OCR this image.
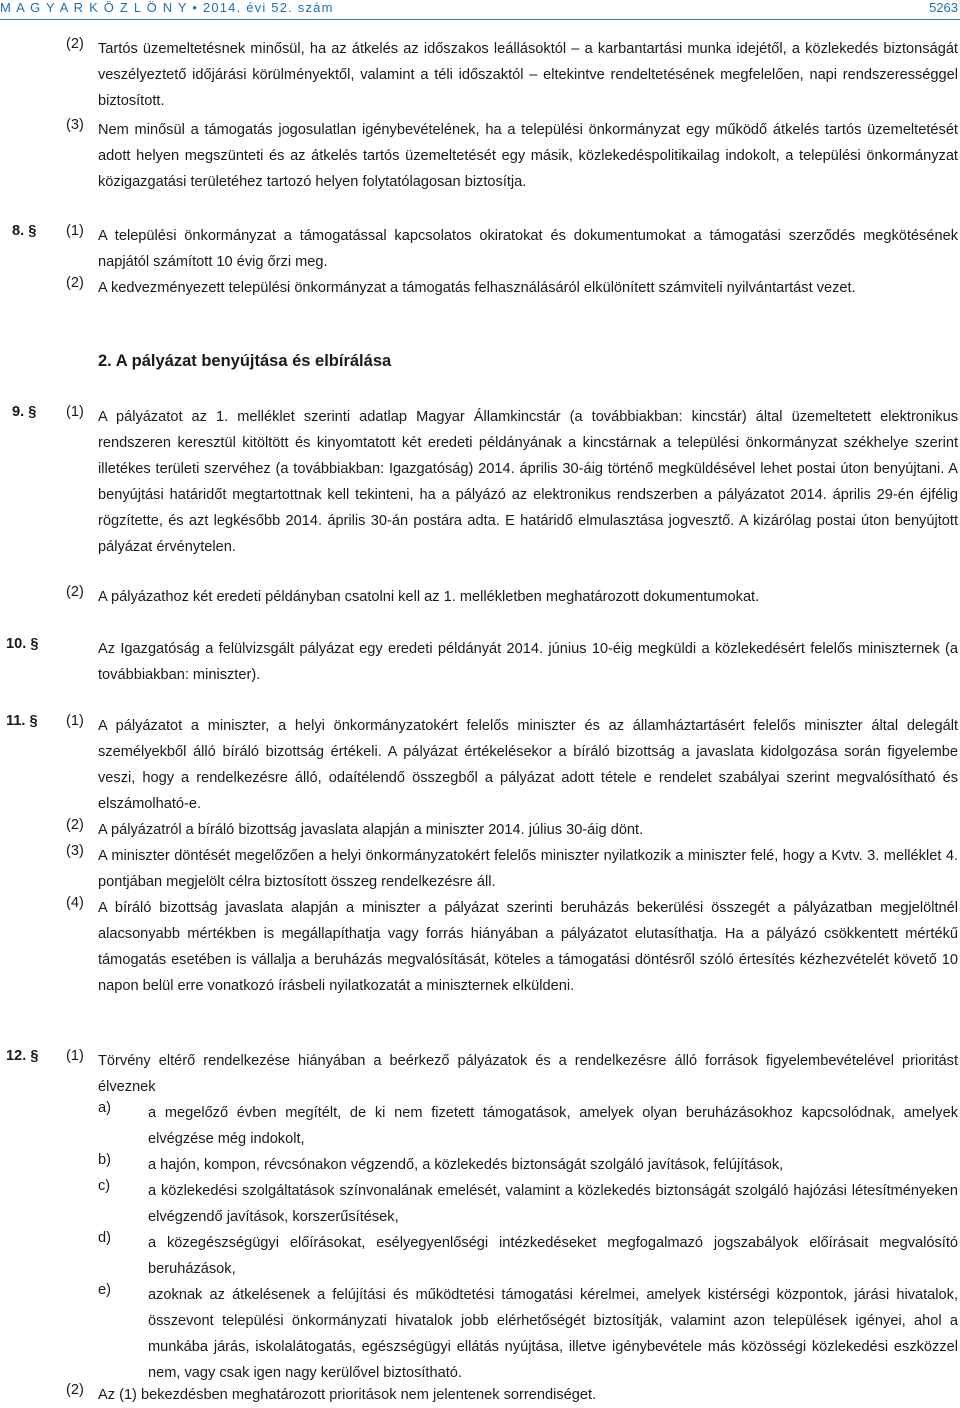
M A G Y A R K Ö Z L Ö N Y • 2014. évi 52. szám	5263
(2) Tartós üzemeltetésnek minősül, ha az átkelés az időszakos leállásoktól – a karbantartási munka idejétől, a közlekedés biztonságát veszélyeztető időjárási körülményektől, valamint a téli időszaktól – eltekintve rendeltetésének megfelelően, napi rendszerességgel biztosított.
(3) Nem minősül a támogatás jogosulatlan igénybevételének, ha a települési önkormányzat egy működő átkelés tartós üzemeltetését adott helyen megszünteti és az átkelés tartós üzemeltetését egy másik, közlekedéspolitikailag indokolt, a települési önkormányzat közigazgatási területéhez tartozó helyen folytatólagosan biztosítja.
8. § (1) A települési önkormányzat a támogatással kapcsolatos okiratokat és dokumentumokat a támogatási szerződés megkötésének napjától számított 10 évig őrzi meg.
(2) A kedvezményezett települési önkormányzat a támogatás felhasználásáról elkülönített számviteli nyilvántartást vezet.
2. A pályázat benyújtása és elbírálása
9. § (1) A pályázatot az 1. melléklet szerinti adatlap Magyar Államkincstár (a továbbiakban: kincstár) által üzemeltetett elektronikus rendszeren keresztül kitöltött és kinyomtatott két eredeti példányának a kincstárnak a települési önkormányzat székhelye szerint illetékes területi szervéhez (a továbbiakban: Igazgatóság) 2014. április 30-áig történő megküldésével lehet postai úton benyújtani. A benyújtási határidőt megtartottnak kell tekinteni, ha a pályázó az elektronikus rendszerben a pályázatot 2014. április 29-én éjfélig rögzítette, és azt legkésőbb 2014. április 30-án postára adta. E határidő elmulasztása jogvesztő. A kizárólag postai úton benyújtott pályázat érvénytelen.
(2) A pályázathoz két eredeti példányban csatolni kell az 1. mellékletben meghatározott dokumentumokat.
10. §	Az Igazgatóság a felülvizsgált pályázat egy eredeti példányát 2014. június 10-éig megküldi a közlekedésért felelős miniszternek (a továbbiakban: miniszter).
11. § (1) A pályázatot a miniszter, a helyi önkormányzatokért felelős miniszter és az államháztartásért felelős miniszter által delegált személyekből álló bíráló bizottság értékeli. A pályázat értékelésekor a bíráló bizottság a javaslata kidolgozása során figyelembe veszi, hogy a rendelkezésre álló, odaítélendő összegből a pályázat adott tétele e rendelet szabályai szerint megvalósítható és elszámolható-e.
(2) A pályázatról a bíráló bizottság javaslata alapján a miniszter 2014. július 30-áig dönt.
(3) A miniszter döntését megelőzően a helyi önkormányzatokért felelős miniszter nyilatkozik a miniszter felé, hogy a Kvtv. 3. melléklet 4. pontjában megjelölt célra biztosított összeg rendelkezésre áll.
(4) A bíráló bizottság javaslata alapján a miniszter a pályázat szerinti beruházás bekerülési összegét a pályázatban megjelöltnél alacsonyabb mértékben is megállapíthatja vagy forrás hiányában a pályázatot elutasíthatja. Ha a pályázó csökkentett mértékű támogatás esetében is vállalja a beruházás megvalósítását, köteles a támogatási döntésről szóló értesítés kézhezvételét követő 10 napon belül erre vonatkozó írásbeli nyilatkozatát a miniszternek elküldeni.
12. § (1) Törvény eltérő rendelkezése hiányában a beérkező pályázatok és a rendelkezésre álló források figyelembevételével prioritást élveznek
a)	a megelőző évben megítélt, de ki nem fizetett támogatások, amelyek olyan beruházásokhoz kapcsolódnak, amelyek elvégzése még indokolt,
b)	a hajón, kompon, révcsónakon végzendő, a közlekedés biztonságát szolgáló javítások, felújítások,
c)	a közlekedési szolgáltatások színvonalának emelését, valamint a közlekedés biztonságát szolgáló hajózási létesítményeken elvégzendő javítások, korszerűsítések,
d)	a közegészségügyi előírásokat, esélyegyenlőségi intézkedéseket megfogalmazó jogszabályok előírásait megvalósító beruházások,
e)	azoknak az átkelésenek a felújítási és működtetési támogatási kérelmei, amelyek kistérségi központok, járási hivatalok, összevont települési önkormányzati hivatalok jobb elérhetőségét biztosítják, valamint azon települések igényei, ahol a munkába járás, iskolalátogatás, egészségügyi ellátás nyújtása, illetve igénybevétele más közösségi közlekedési eszközzel nem, vagy csak igen nagy kerülővel biztosítható.
(2) Az (1) bekezdésben meghatározott prioritások nem jelentenek sorrendiséget.
